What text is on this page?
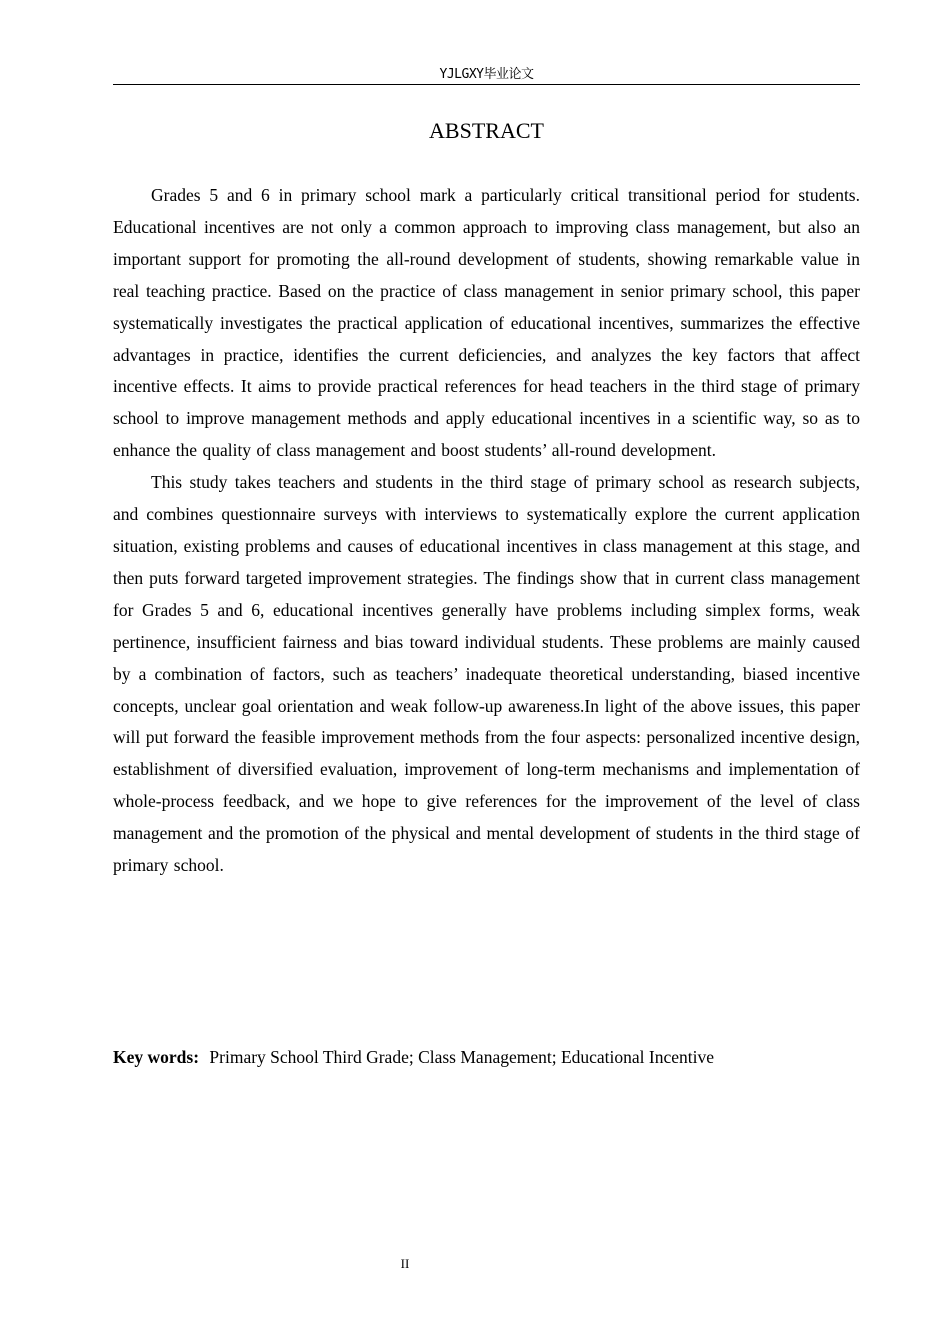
YJLGXY毕业论文
ABSTRACT

Grades 5 and 6 in primary school mark a particularly critical transitional period for students. Educational incentives are not only a common approach to improving class management, but also an important support for promoting the all-round development of students, showing remarkable value in real teaching practice. Based on the practice of class management in senior primary school, this paper systematically investigates the practical application of educational incentives, summarizes the effective advantages in practice, identifies the current deficiencies, and analyzes the key factors that affect incentive effects. It aims to provide practical references for head teachers in the third stage of primary school to improve management methods and apply educational incentives in a scientific way, so as to enhance the quality of class management and boost students’ all-round development.

This study takes teachers and students in the third stage of primary school as research subjects, and combines questionnaire surveys with interviews to systematically explore the current application situation, existing problems and causes of educational incentives in class management at this stage, and then puts forward targeted improvement strategies. The findings show that in current class management for Grades 5 and 6, educational incentives generally have problems including simplex forms, weak pertinence, insufficient fairness and bias toward individual students. These problems are mainly caused by a combination of factors, such as teachers’ inadequate theoretical understanding, biased incentive concepts, unclear goal orientation and weak follow-up awareness.In light of the above issues, this paper will put forward the feasible improvement methods from the four aspects: personalized incentive design, establishment of diversified evaluation, improvement of long-term mechanisms and implementation of whole-process feedback, and we hope to give references for the improvement of the level of class management and the promotion of the physical and mental development of students in the third stage of primary school.

Key words: Primary School Third Grade; Class Management; Educational Incentive
II
